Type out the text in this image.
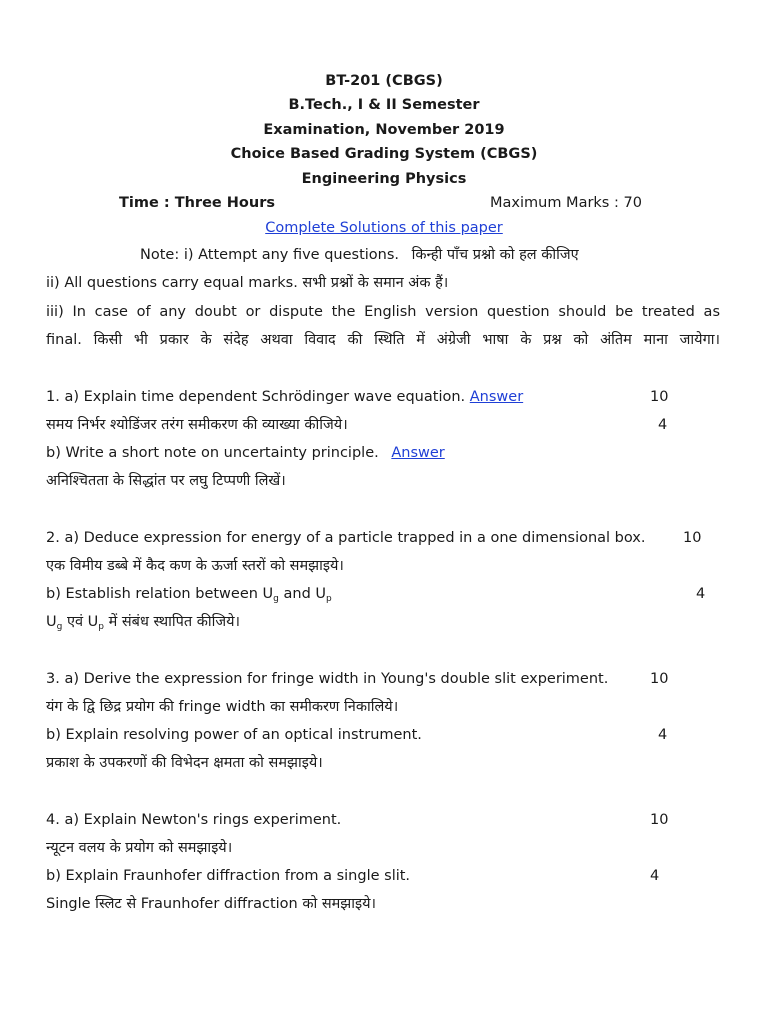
BT-201 (CBGS)
B.Tech., I & II Semester
Examination, November 2019
Choice Based Grading System (CBGS)
Engineering Physics
Time : Three Hours	Maximum Marks : 70
Complete Solutions of this paper
Note: i) Attempt any five questions. किन्ही पाँच प्रश्नो को हल कीजिए
ii) All questions carry equal marks. सभी प्रश्नों के समान अंक हैं।
iii) In case of any doubt or dispute the English version question should be treated as
final. किसी भी प्रकार के संदेह अथवा विवाद की स्थिति में अंग्रेजी भाषा के प्रश्न को अंतिम माना जायेगा।
1. a) Explain time dependent Schrödinger wave equation. Answer	10
समय निर्भर श्योडिंजर तरंग समीकरण की व्याख्या कीजिये।	4
b) Write a short note on uncertainty principle. Answer
अनिश्चितता के सिद्धांत पर लघु टिप्पणी लिखें।
2. a) Deduce expression for energy of a particle trapped in a one dimensional box.	10
एक विमीय डब्बे में कैद कण के ऊर्जा स्तरों को समझाइये।
b) Establish relation between $U_g$ and $U_p$	4
$U_g$ एवं $U_p$ में संबंध स्थापित कीजिये।
3. a) Derive the expression for fringe width in Young's double slit experiment.	10
यंग के द्वि छिद्र प्रयोग की fringe width का समीकरण निकालिये।
b) Explain resolving power of an optical instrument.	4
प्रकाश के उपकरणों की विभेदन क्षमता को समझाइये।
4. a) Explain Newton's rings experiment.	10
न्यूटन वलय के प्रयोग को समझाइये।
b) Explain Fraunhofer diffraction from a single slit.	4
Single स्लिट से Fraunhofer diffraction को समझाइये।
